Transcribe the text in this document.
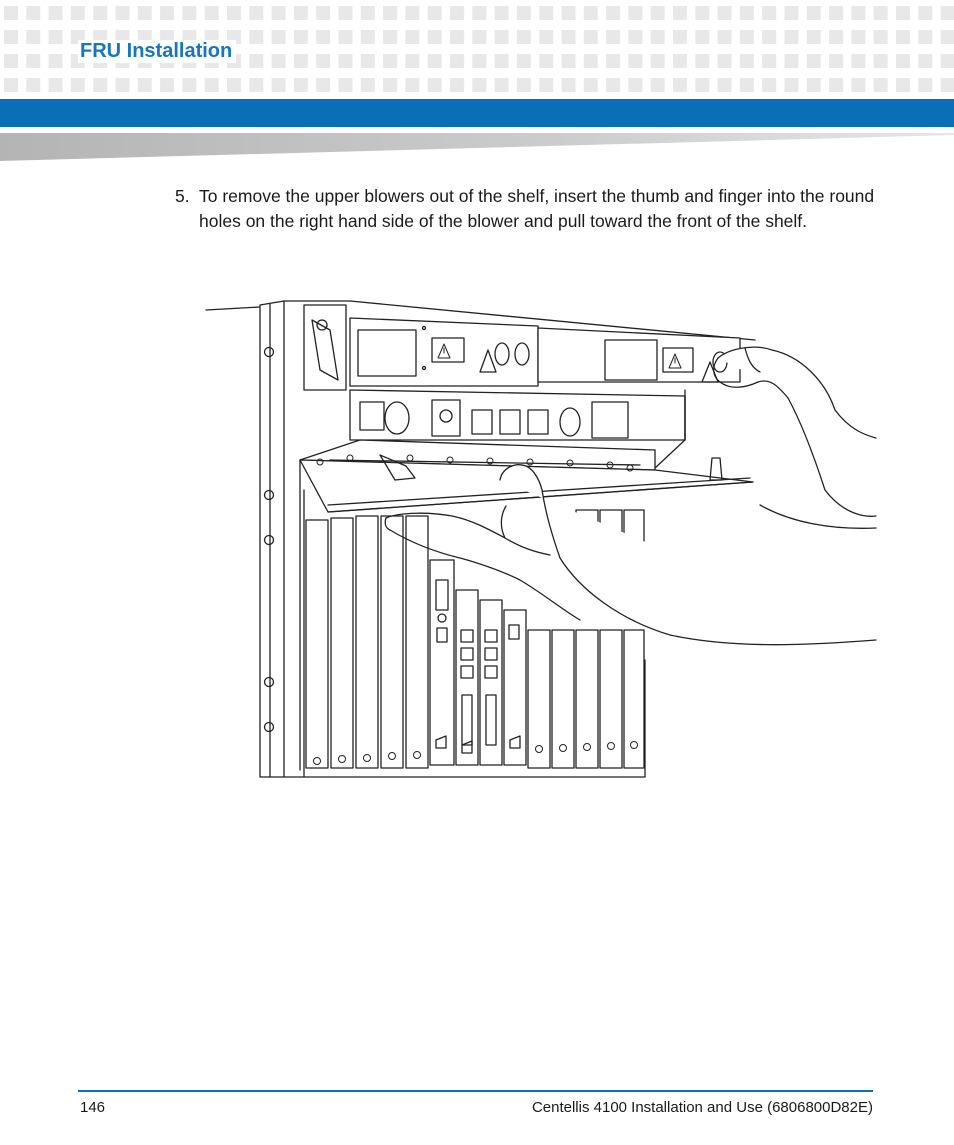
FRU Installation
5. To remove the upper blowers out of the shelf, insert the thumb and finger into the round holes on the right hand side of the blower and pull toward the front of the shelf.
146	Centellis 4100 Installation and Use (6806800D82E)
